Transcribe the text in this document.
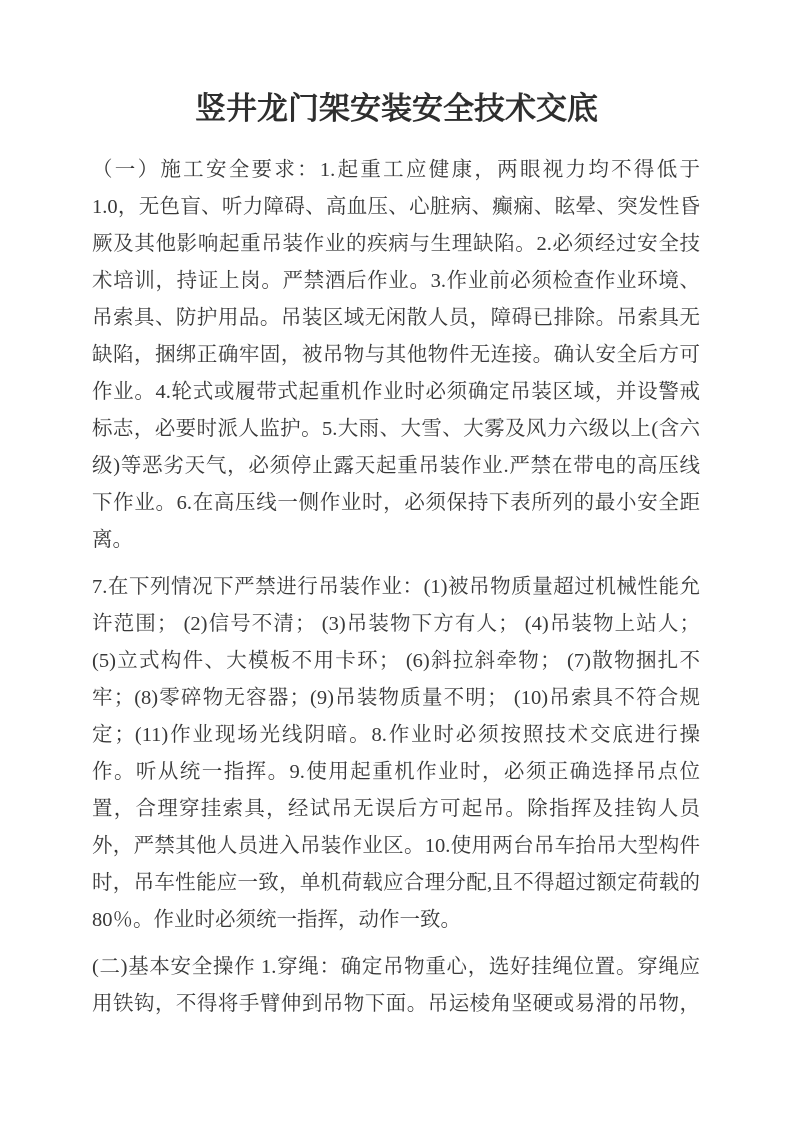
竖井龙门架安装安全技术交底
（一）施工安全要求：1.起重工应健康，两眼视力均不得低于
1.0，无色盲、听力障碍、高血压、心脏病、癫痫、眩晕、突发性昏
厥及其他影响起重吊装作业的疾病与生理缺陷。2.必须经过安全技
术培训，持证上岗。严禁酒后作业。3.作业前必须检查作业环境、
吊索具、防护用品。吊装区域无闲散人员，障碍已排除。吊索具无
缺陷，捆绑正确牢固，被吊物与其他物件无连接。确认安全后方可
作业。4.轮式或履带式起重机作业时必须确定吊装区域，并设警戒
标志，必要时派人监护。5.大雨、大雪、大雾及风力六级以上(含六
级)等恶劣天气，必须停止露天起重吊装作业.严禁在带电的高压线
下作业。6.在高压线一侧作业时，必须保持下表所列的最小安全距
离。
7.在下列情况下严禁进行吊装作业：(1)被吊物质量超过机械性能允
许范围； (2)信号不清； (3)吊装物下方有人； (4)吊装物上站人；
(5)立式构件、大模板不用卡环； (6)斜拉斜牵物； (7)散物捆扎不
牢；(8)零碎物无容器；(9)吊装物质量不明； (10)吊索具不符合规
定；(11)作业现场光线阴暗。8.作业时必须按照技术交底进行操
作。听从统一指挥。9.使用起重机作业时，必须正确选择吊点位
置，合理穿挂索具，经试吊无误后方可起吊。除指挥及挂钩人员
外，严禁其他人员进入吊装作业区。10.使用两台吊车抬吊大型构件
时，吊车性能应一致，单机荷载应合理分配,且不得超过额定荷载的
80％。作业时必须统一指挥，动作一致。
(二)基本安全操作 1.穿绳：确定吊物重心，选好挂绳位置。穿绳应
用铁钩，不得将手臂伸到吊物下面。吊运棱角坚硬或易滑的吊物，
